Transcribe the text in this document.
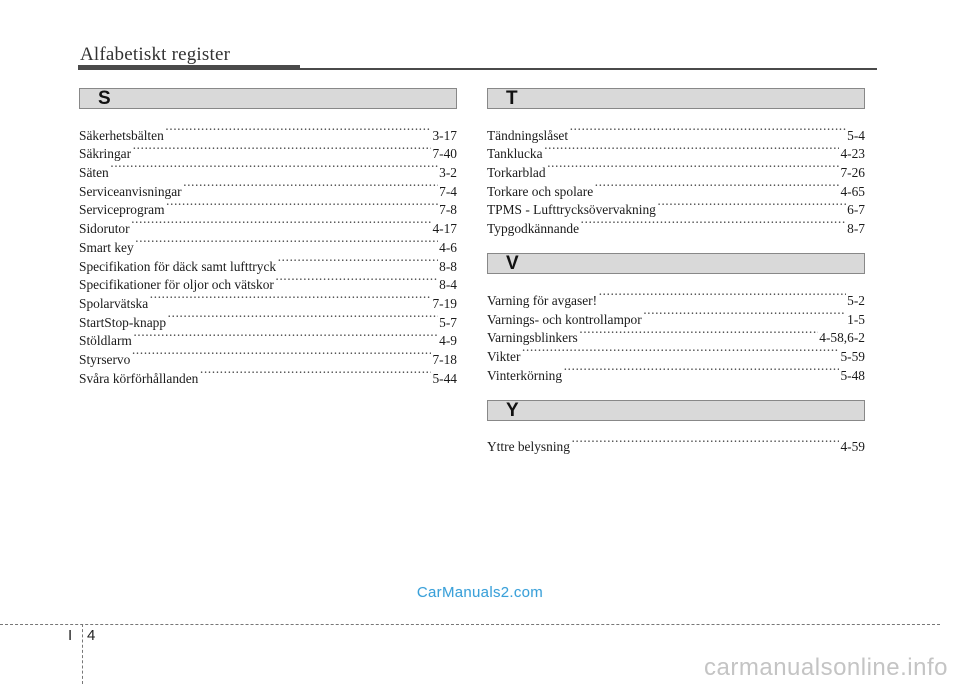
Alfabetiskt register
S
Säkerhetsbälten ·····	3-17
Säkringar ·····	7-40
Säten ·····	3-2
Serviceanvisningar ·····	7-4
Serviceprogram ·····	7-8
Sidorutor ·····	4-17
Smart key ·····	4-6
Specifikation för däck samt lufttryck ·····	8-8
Specifikationer för oljor och vätskor ·····	8-4
Spolarvätska ·····	7-19
StartStop-knapp ·····	5-7
Stöldlarm ·····	4-9
Styrservo ·····	7-18
Svåra körförhållanden ·····	5-44
T
Tändningslåset ·····	5-4
Tanklucka ·····	4-23
Torkarblad ·····	7-26
Torkare och spolare ·····	4-65
TPMS - Lufttrycksövervakning ·····	6-7
Typgodkännande ·····	8-7
V
Varning för avgaser! ·····	5-2
Varnings- och kontrollampor ·····	1-5
Varningsblinkers ·····	4-58,6-2
Vikter ·····	5-59
Vinterkörning ·····	5-48
Y
Yttre belysning ·····	4-59
CarManuals2.com
I 4
carmanualsonline.info
